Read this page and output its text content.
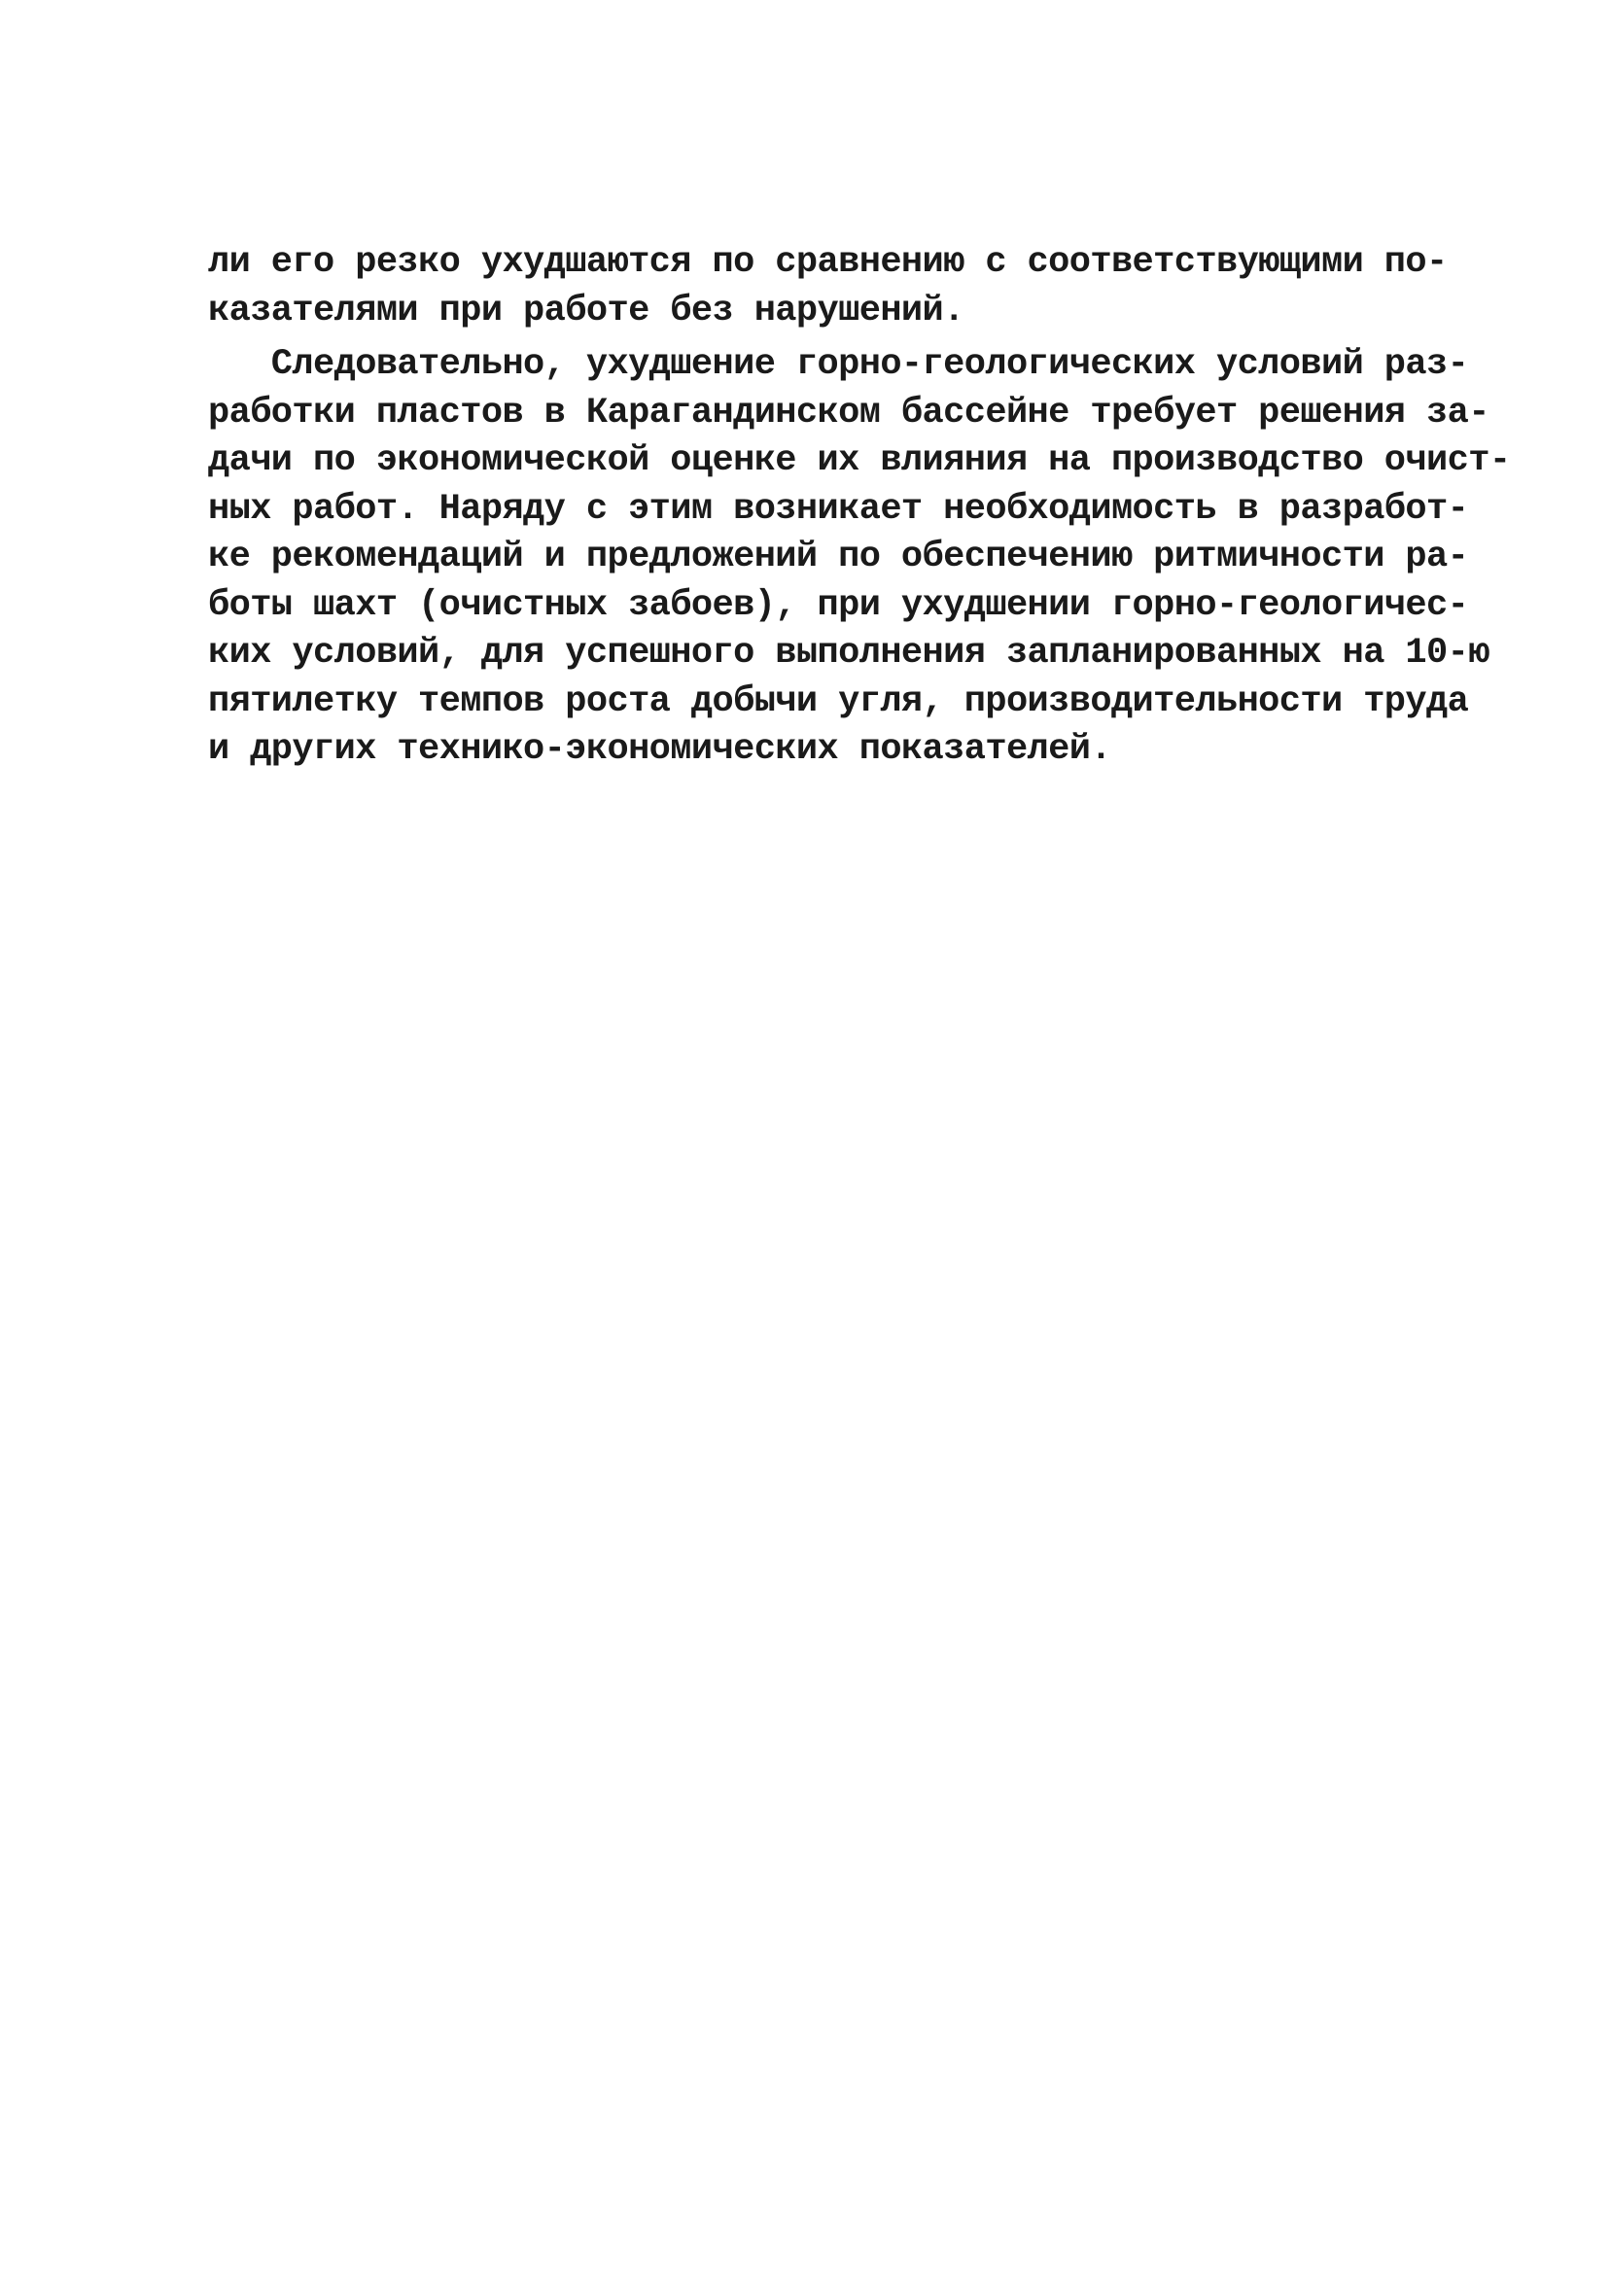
ли его резко ухудшаются по сравнению с соответствующими по-
казателями при работе без нарушений.
Следовательно, ухудшение горно-геологических условий раз-
работки пластов в Карагандинском бассейне требует решения за-
дачи по экономической оценке их влияния на производство очист-
ных работ. Наряду с этим возникает необходимость в разработ-
ке рекомендаций и предложений по обеспечению ритмичности ра-
боты шахт (очистных забоев), при ухудшении горно-геологичес-
ких условий, для успешного выполнения запланированных на 10-ю
пятилетку темпов роста добычи угля, производительности труда
и других технико-экономических показателей.
